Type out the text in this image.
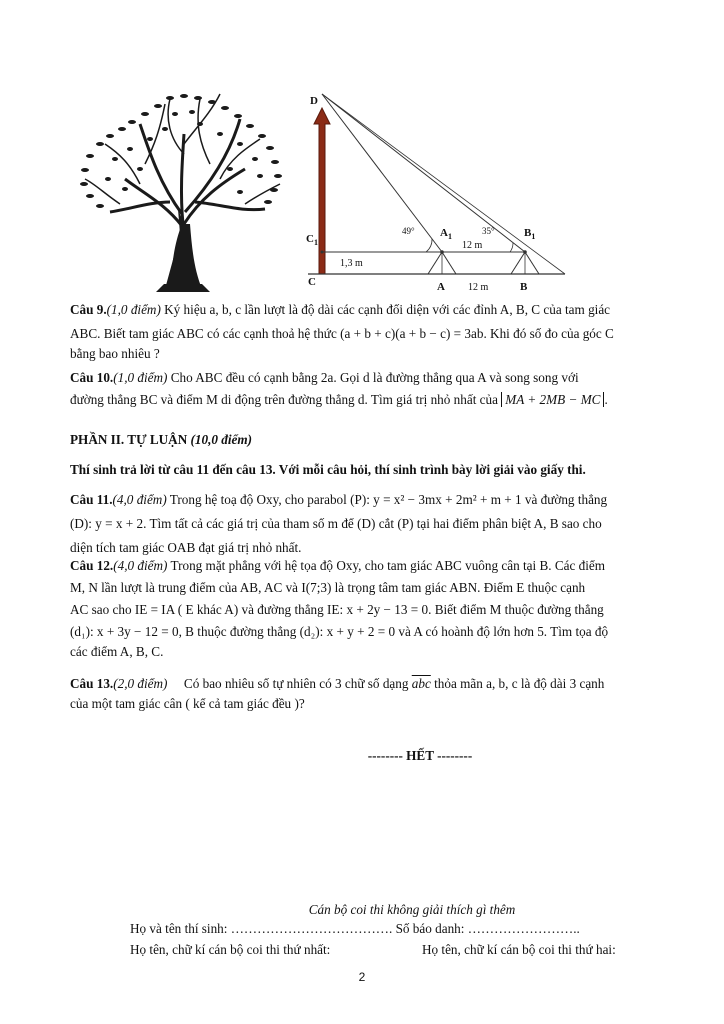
D
$C_1$
C	A	B
$A_1$	$B_1$
49°	35°
1,3 m
12 m
12 m
Câu 9.(1,0 điểm) Ký hiệu a, b, c lần lượt là độ dài các cạnh đối diện với các đỉnh A, B, C của tam giác
ABC. Biết tam giác ABC có các cạnh thoả hệ thức (a + b + c)(a + b − c) = 3ab. Khi đó số đo của góc C
bằng bao nhiêu ?
Câu 10.(1,0 điểm) Cho ABC đều có cạnh bằng 2a. Gọi d là đường thẳng qua A và song song với
đường thẳng BC và điểm M di động trên đường thẳng d. Tìm giá trị nhỏ nhất của MA + 2MB − MC .
PHẦN II. TỰ LUẬN (10,0 điểm)
Thí sinh trả lời từ câu 11 đến câu 13. Với mỗi câu hỏi, thí sinh trình bày lời giải vào giấy thi.
Câu 11.(4,0 điểm) Trong hệ toạ độ Oxy, cho parabol (P): y = x² − 3mx + 2m² + m + 1 và đường thẳng
(D): y = x + 2. Tìm tất cả các giá trị của tham số m để (D) cắt (P) tại hai điểm phân biệt A, B sao cho
diện tích tam giác OAB đạt giá trị nhỏ nhất.
Câu 12.(4,0 điểm) Trong mặt phẳng với hệ tọa độ Oxy, cho tam giác ABC vuông cân tại B. Các điểm
M, N lần lượt là trung điểm của AB, AC và I(7;3) là trọng tâm tam giác ABN. Điểm E thuộc cạnh
AC sao cho IE = IA ( E khác A) và đường thẳng IE: x + 2y − 13 = 0. Biết điểm M thuộc đường thẳng
(d₁): x + 3y − 12 = 0, B thuộc đường thẳng (d₂): x + y + 2 = 0 và A có hoành độ lớn hơn 5. Tìm tọa độ
các điểm A, B, C.
Câu 13.(2,0 điểm) Có bao nhiêu số tự nhiên có 3 chữ số dạng $\overline{abc}$ thỏa mãn a, b, c là độ dài 3 cạnh
của một tam giác cân ( kể cả tam giác đều )?
-------- HẾT --------
Cán bộ coi thi không giải thích gì thêm
Họ và tên thí sinh: ………………………………. Số báo danh: ……………………..
Họ tên, chữ kí cán bộ coi thi thứ nhất:	Họ tên, chữ kí cán bộ coi thi thứ hai:
2
